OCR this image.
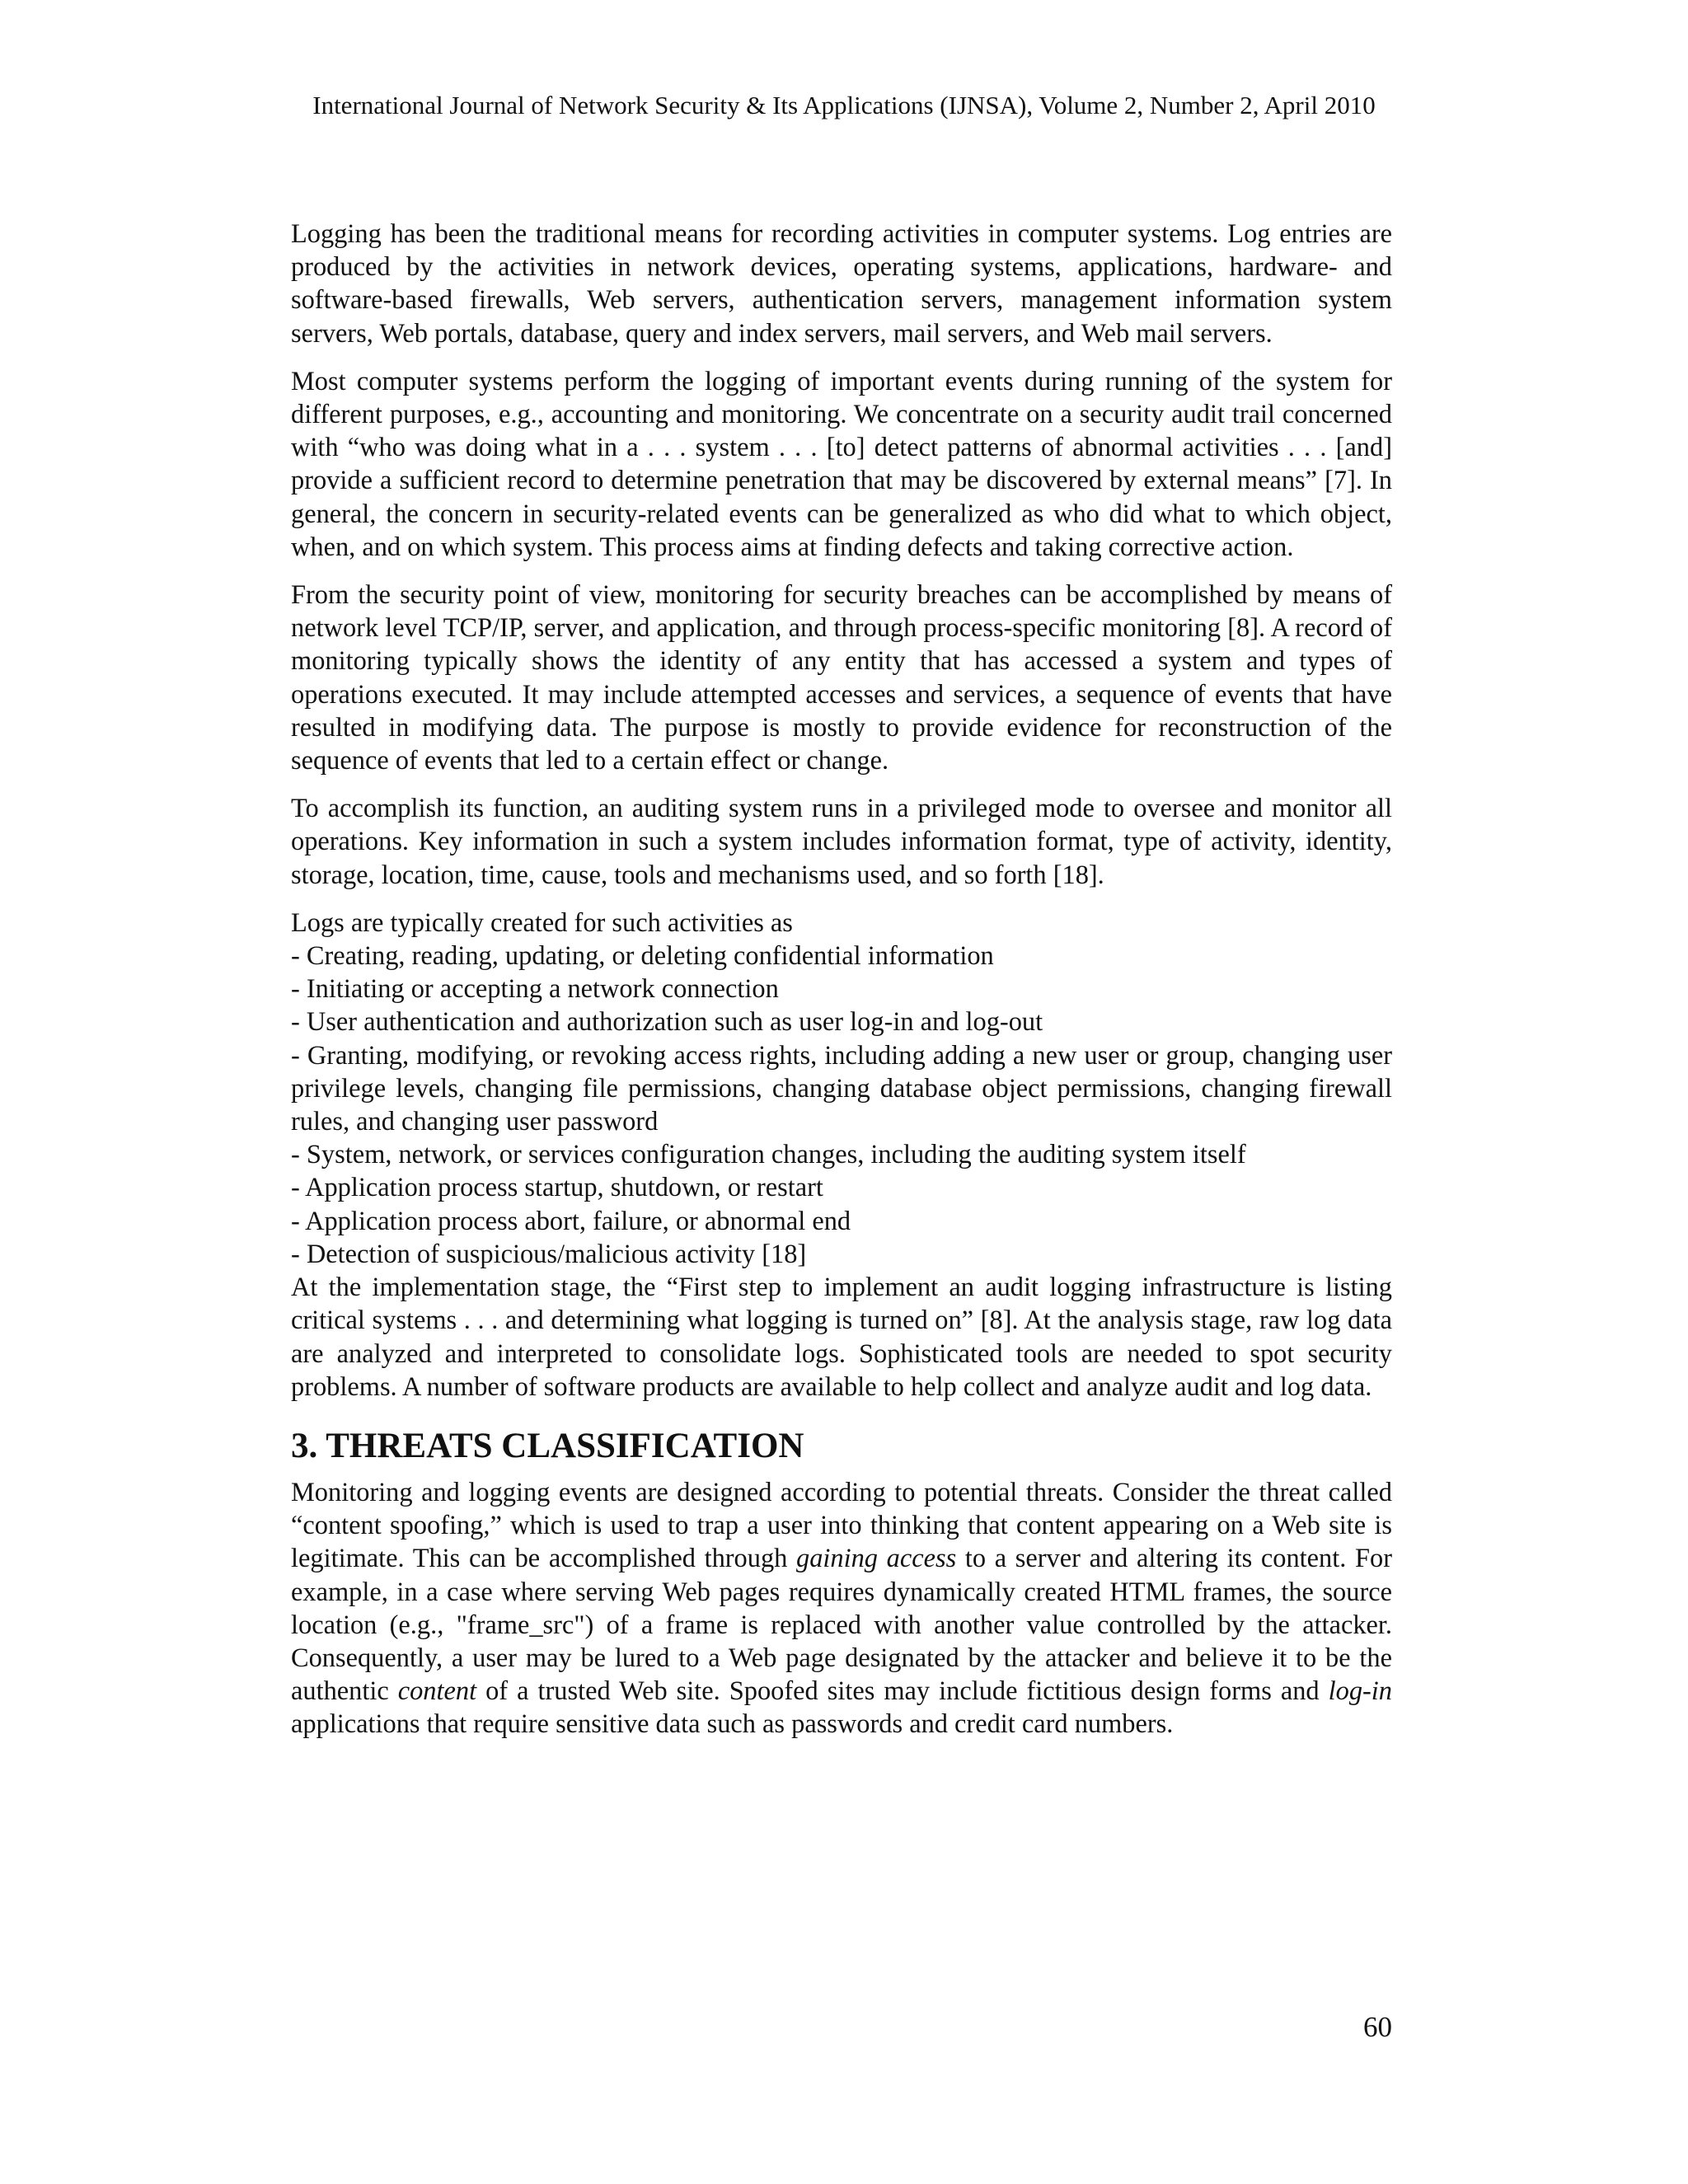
International Journal of Network Security & Its Applications (IJNSA), Volume 2, Number 2, April 2010

Logging has been the traditional means for recording activities in computer systems. Log entries are produced by the activities in network devices, operating systems, applications, hardware- and software-based firewalls, Web servers, authentication servers, management information system servers, Web portals, database, query and index servers, mail servers, and Web mail servers.

Most computer systems perform the logging of important events during running of the system for different purposes, e.g., accounting and monitoring. We concentrate on a security audit trail concerned with “who was doing what in a . . . system . . . [to] detect patterns of abnormal activities . . . [and] provide a sufficient record to determine penetration that may be discovered by external means” [7]. In general, the concern in security-related events can be generalized as who did what to which object, when, and on which system. This process aims at finding defects and taking corrective action.

From the security point of view, monitoring for security breaches can be accomplished by means of network level TCP/IP, server, and application, and through process-specific monitoring [8]. A record of monitoring typically shows the identity of any entity that has accessed a system and types of operations executed. It may include attempted accesses and services, a sequence of events that have resulted in modifying data. The purpose is mostly to provide evidence for reconstruction of the sequence of events that led to a certain effect or change.

To accomplish its function, an auditing system runs in a privileged mode to oversee and monitor all operations. Key information in such a system includes information format, type of activity, identity, storage, location, time, cause, tools and mechanisms used, and so forth [18].

Logs are typically created for such activities as

- Creating, reading, updating, or deleting confidential information

- Initiating or accepting a network connection

- User authentication and authorization such as user log-in and log-out

- Granting, modifying, or revoking access rights, including adding a new user or group, changing user privilege levels, changing file permissions, changing database object permissions, changing firewall rules, and changing user password

- System, network, or services configuration changes, including the auditing system itself

- Application process startup, shutdown, or restart

- Application process abort, failure, or abnormal end

- Detection of suspicious/malicious activity [18]

At the implementation stage, the “First step to implement an audit logging infrastructure is listing critical systems . . . and determining what logging is turned on” [8]. At the analysis stage, raw log data are analyzed and interpreted to consolidate logs. Sophisticated tools are needed to spot security problems. A number of software products are available to help collect and analyze audit and log data.

3. THREATS CLASSIFICATION

Monitoring and logging events are designed according to potential threats. Consider the threat called “content spoofing,” which is used to trap a user into thinking that content appearing on a Web site is legitimate. This can be accomplished through gaining access to a server and altering its content. For example, in a case where serving Web pages requires dynamically created HTML frames, the source location (e.g., "frame_src") of a frame is replaced with another value controlled by the attacker. Consequently, a user may be lured to a Web page designated by the attacker and believe it to be the authentic content of a trusted Web site. Spoofed sites may include fictitious design forms and log-in applications that require sensitive data such as passwords and credit card numbers.

60
